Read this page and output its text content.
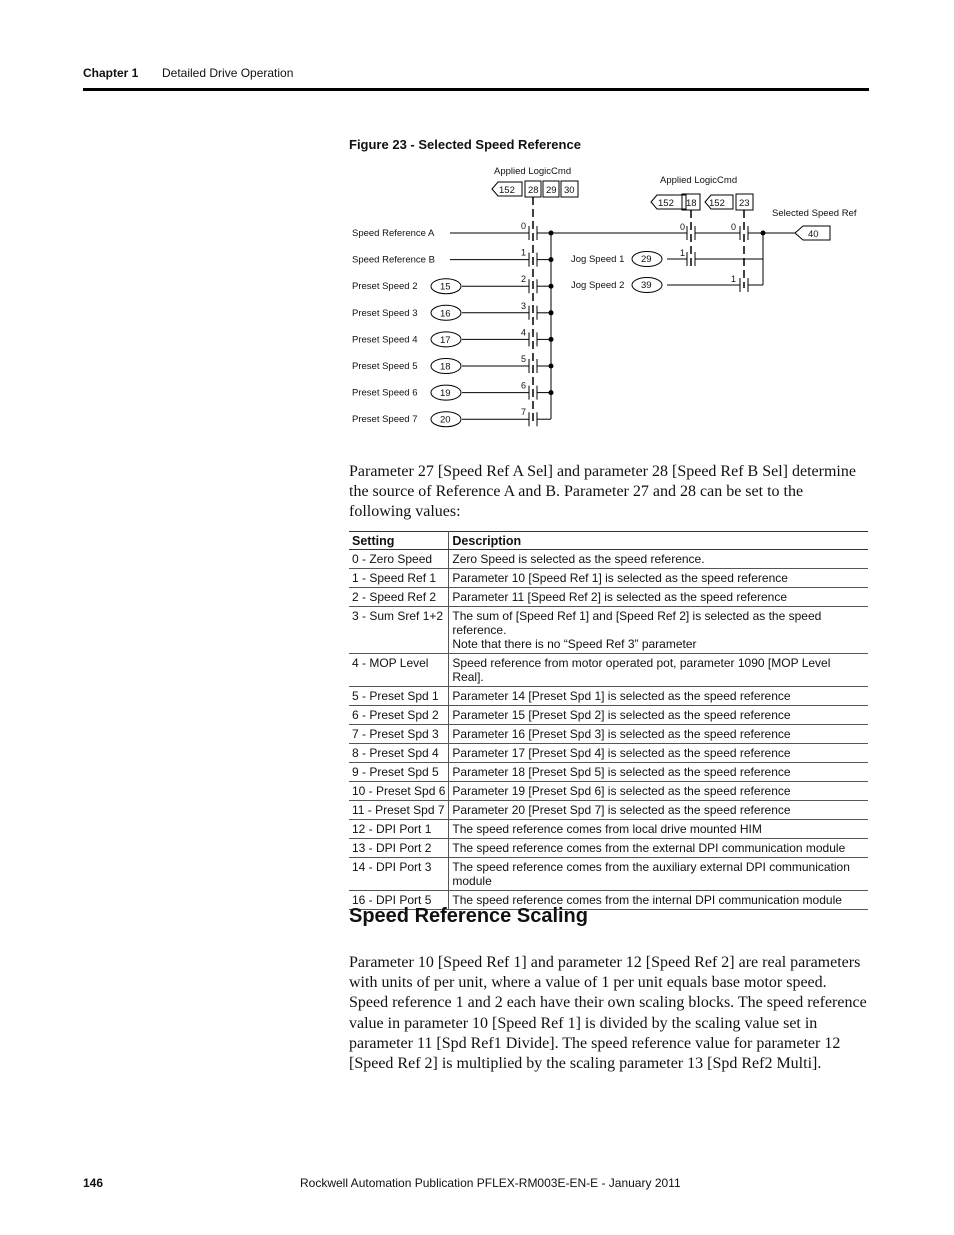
Chapter 1 Detailed Drive Operation
Figure 23 - Selected Speed Reference
Speed Reference A
0
Speed Reference B
1
Preset Speed 2 15
2
Preset Speed 3 16
3
Preset Speed 4 17
4
Preset Speed 5 18
5
Preset Speed 6 19
6
Preset Speed 7 20
7
Applied LogicCmd
152 28 29 30
Applied LogicCmd
152 18 152 23
Selected Speed Ref
40
0	0
Jog Speed 1 29
1
Jog Speed 2 39
1
Parameter 27 [Speed Ref A Sel] and parameter 28 [Speed Ref B Sel] determine the source of Reference A and B. Parameter 27 and 28 can be set to the following values:
Setting	Description
0 - Zero Speed	Zero Speed is selected as the speed reference.
1 - Speed Ref 1	Parameter 10 [Speed Ref 1] is selected as the speed reference
2 - Speed Ref 2	Parameter 11 [Speed Ref 2] is selected as the speed reference
3 - Sum Sref 1+2	The sum of [Speed Ref 1] and [Speed Ref 2] is selected as the speed reference.
Note that there is no “Speed Ref 3” parameter
4 - MOP Level	Speed reference from motor operated pot, parameter 1090 [MOP Level Real].
5 - Preset Spd 1	Parameter 14 [Preset Spd 1] is selected as the speed reference
6 - Preset Spd 2	Parameter 15 [Preset Spd 2] is selected as the speed reference
7 - Preset Spd 3	Parameter 16 [Preset Spd 3] is selected as the speed reference
8 - Preset Spd 4	Parameter 17 [Preset Spd 4] is selected as the speed reference
9 - Preset Spd 5	Parameter 18 [Preset Spd 5] is selected as the speed reference
10 - Preset Spd 6	Parameter 19 [Preset Spd 6] is selected as the speed reference
11 - Preset Spd 7	Parameter 20 [Preset Spd 7] is selected as the speed reference
12 - DPI Port 1	The speed reference comes from local drive mounted HIM
13 - DPI Port 2	The speed reference comes from the external DPI communication module
14 - DPI Port 3	The speed reference comes from the auxiliary external DPI communication module
16 - DPI Port 5	The speed reference comes from the internal DPI communication module
Speed Reference Scaling
Parameter 10 [Speed Ref 1] and parameter 12 [Speed Ref 2] are real parameters with units of per unit, where a value of 1 per unit equals base motor speed. Speed reference 1 and 2 each have their own scaling blocks. The speed reference value in parameter 10 [Speed Ref 1] is divided by the scaling value set in parameter 11 [Spd Ref1 Divide]. The speed reference value for parameter 12 [Speed Ref 2] is multiplied by the scaling parameter 13 [Spd Ref2 Multi].
146	Rockwell Automation Publication PFLEX-RM003E-EN-E - January 2011
